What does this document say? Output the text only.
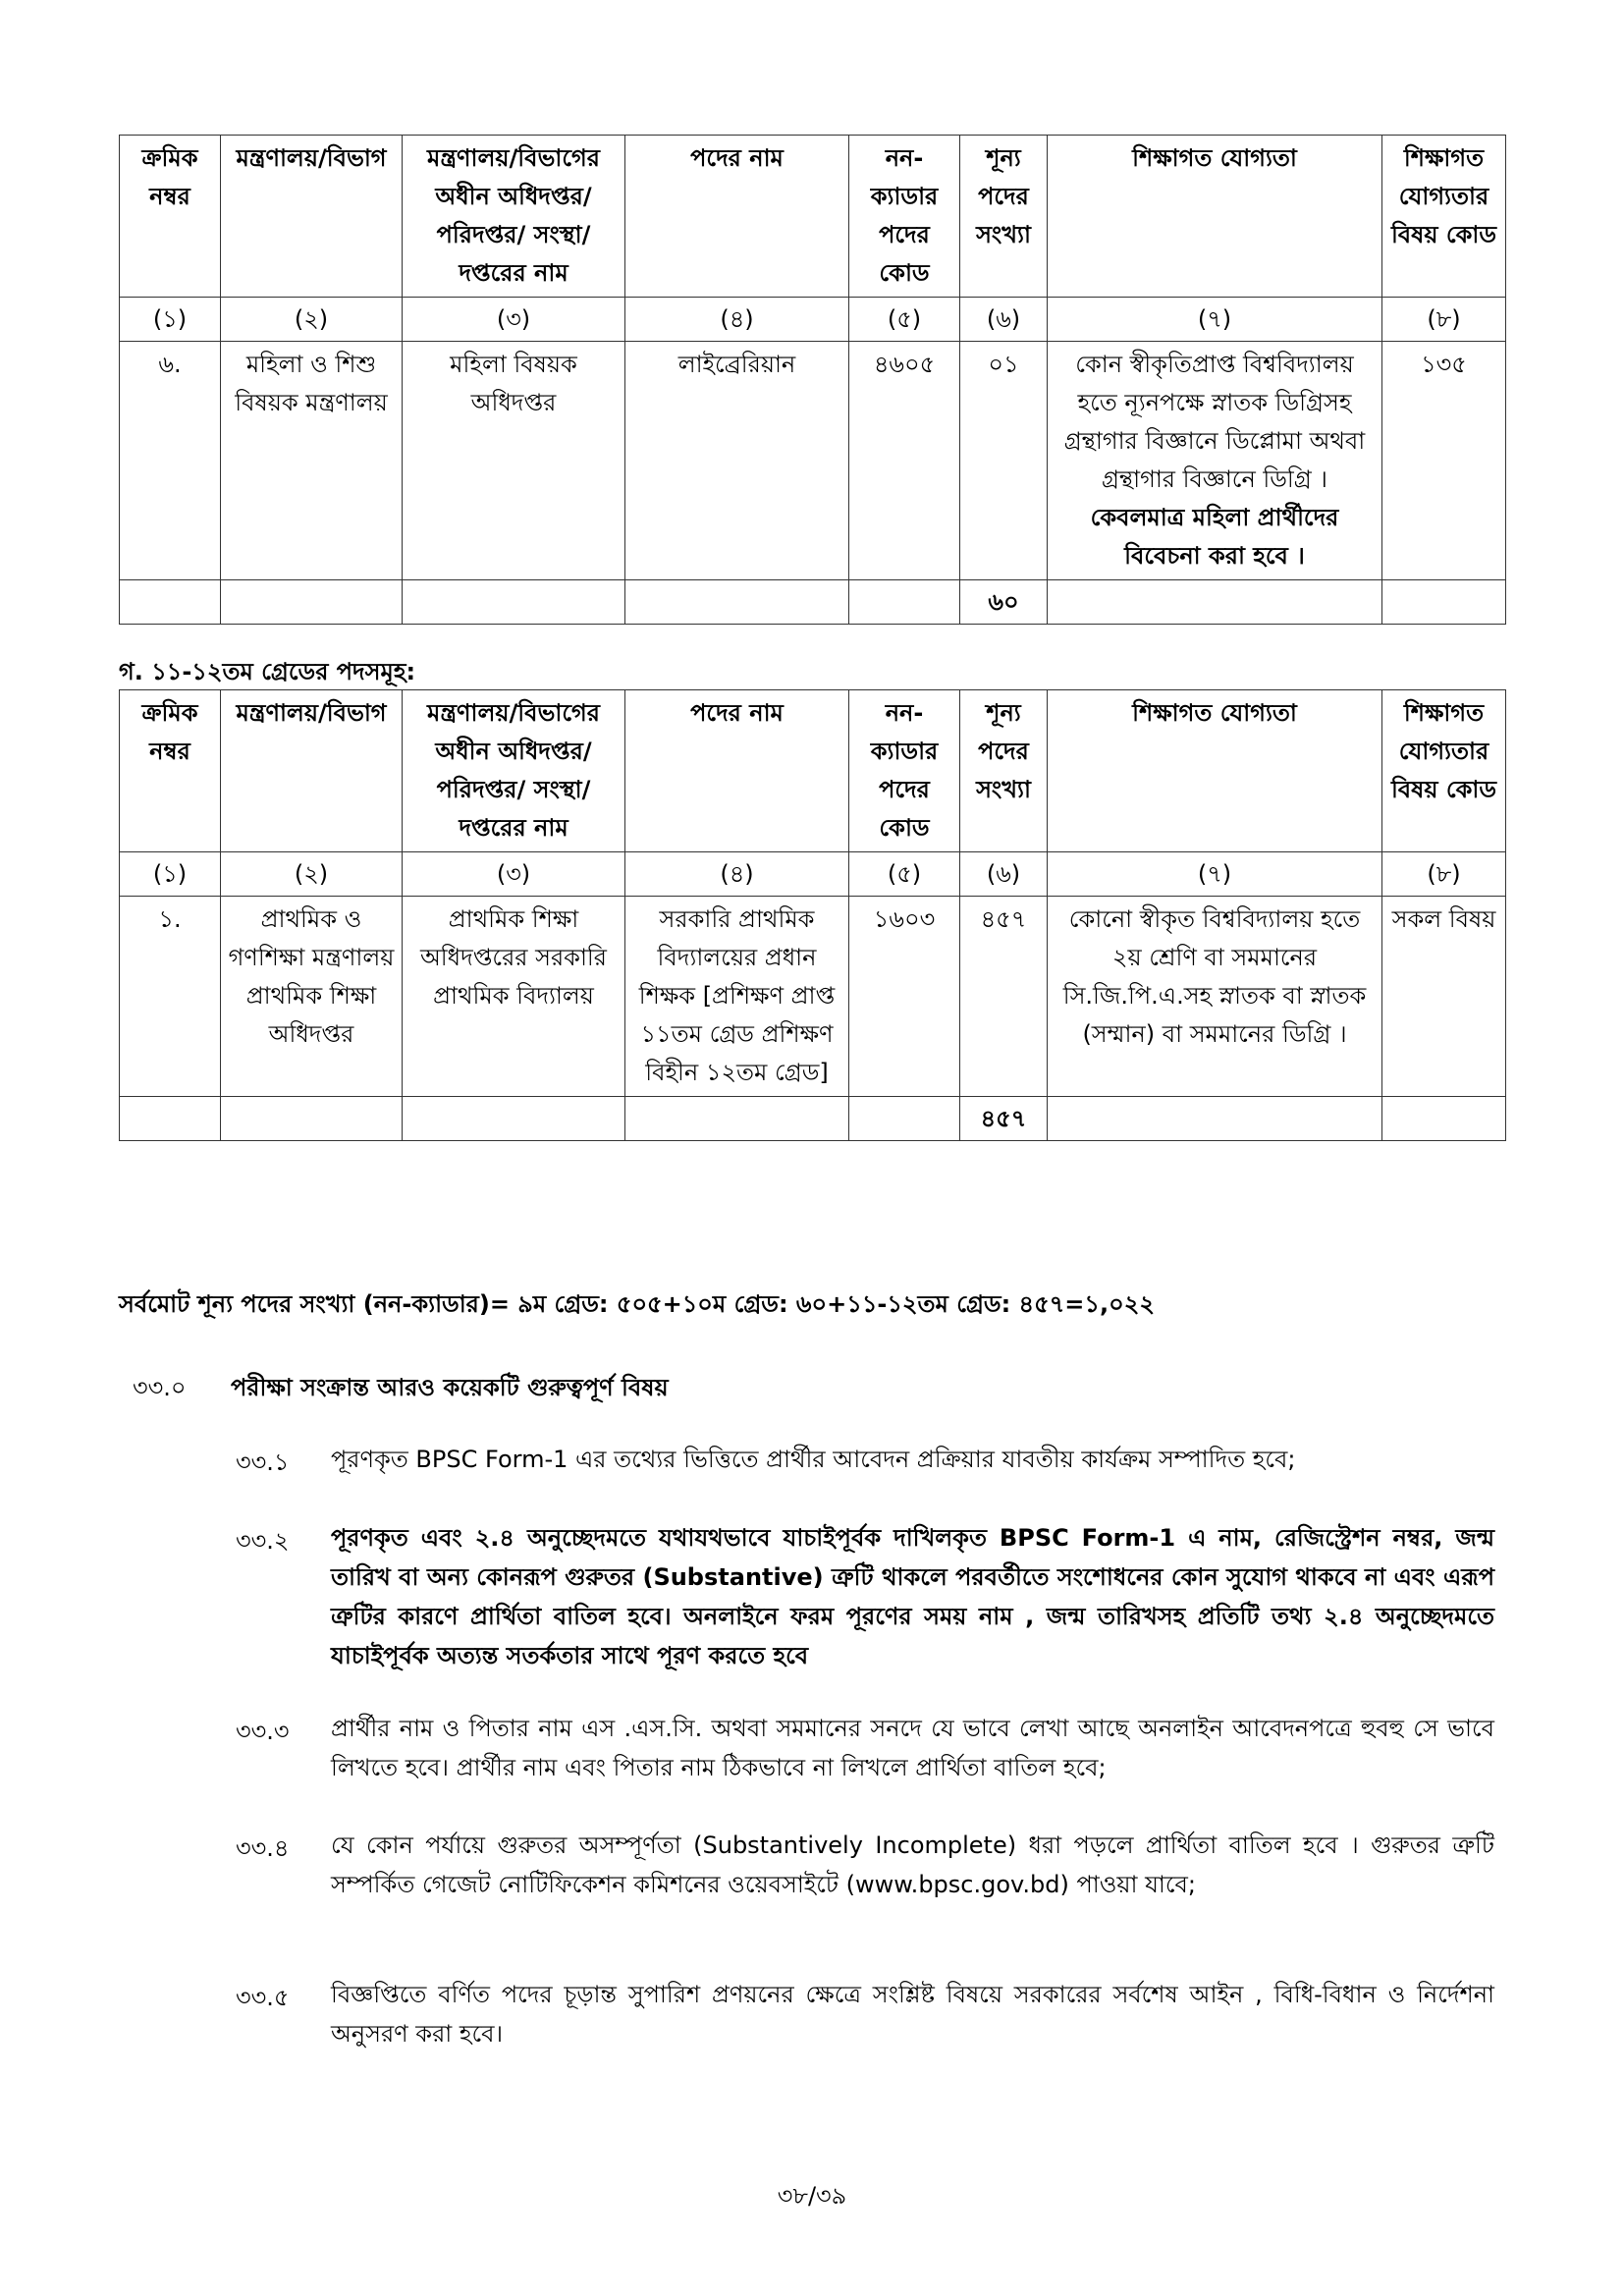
ক্রমিক নম্বর	মন্ত্রণালয়/বিভাগ	মন্ত্রণালয়/বিভাগের অধীন অধিদপ্তর/পরিদপ্তর/ সংস্থা/দপ্তরের নাম	পদের নাম	নন- ক্যাডার পদের কোড	শূন্য পদের সংখ্যা	শিক্ষাগত যোগ্যতা	শিক্ষাগত যোগ্যতার বিষয় কোড
(১)	(২)	(৩)	(৪)	(৫)	(৬)	(৭)	(৮)
৬.	মহিলা ও শিশু বিষয়ক মন্ত্রণালয়	মহিলা বিষয়ক অধিদপ্তর	লাইব্রেরিয়ান	৪৬০৫	০১	কোন স্বীকৃতিপ্রাপ্ত বিশ্ববিদ্যালয় হতে ন্যূনপক্ষে স্নাতক ডিগ্রিসহ গ্রন্থাগার বিজ্ঞানে ডিপ্লোমা অথবা গ্রন্থাগার বিজ্ঞানে ডিগ্রি । কেবলমাত্র মহিলা প্রার্থীদের বিবেচনা করা হবে ।	১৩৫
					৬০		
গ. ১১-১২তম গ্রেডের পদসমূহ:
ক্রমিক নম্বর	মন্ত্রণালয়/বিভাগ	মন্ত্রণালয়/বিভাগের অধীন অধিদপ্তর/পরিদপ্তর/ সংস্থা/দপ্তরের নাম	পদের নাম	নন- ক্যাডার পদের কোড	শূন্য পদের সংখ্যা	শিক্ষাগত যোগ্যতা	শিক্ষাগত যোগ্যতার বিষয় কোড
(১)	(২)	(৩)	(৪)	(৫)	(৬)	(৭)	(৮)
১.	প্রাথমিক ও গণশিক্ষা মন্ত্রণালয় প্রাথমিক শিক্ষা অধিদপ্তর	প্রাথমিক শিক্ষা অধিদপ্তরের সরকারি প্রাথমিক বিদ্যালয়	সরকারি প্রাথমিক বিদ্যালয়ের প্রধান শিক্ষক [প্রশিক্ষণ প্রাপ্ত ১১তম গ্রেড প্রশিক্ষণ বিহীন ১২তম গ্রেড]	১৬০৩	৪৫৭	কোনো স্বীকৃত বিশ্ববিদ্যালয় হতে ২য় শ্রেণি বা সমমানের সি.জি.পি.এ.সহ স্নাতক বা স্নাতক (সম্মান) বা সমমানের ডিগ্রি ।	সকল বিষয়
					৪৫৭		
সর্বমোট শূন্য পদের সংখ্যা (নন-ক্যাডার)= ৯ম গ্রেড: ৫০৫+১০ম গ্রেড: ৬০+১১-১২তম গ্রেড: ৪৫৭=১,০২২
৩৩.০ পরীক্ষা সংক্রান্ত আরও কয়েকটি গুরুত্বপূর্ণ বিষয়
৩৩.১ পূরণকৃত BPSC Form-1 এর তথ্যের ভিত্তিতে প্রার্থীর আবেদন প্রক্রিয়ার যাবতীয় কার্যক্রম সম্পাদিত হবে;
৩৩.২ পূরণকৃত এবং ২.৪ অনুচ্ছেদমতে যথাযথভাবে যাচাইপূর্বক দাখিলকৃত BPSC Form-1 এ নাম, রেজিস্ট্রেশন নম্বর, জন্ম তারিখ বা অন্য কোনরূপ গুরুতর (Substantive) ত্রুটি থাকলে পরবর্তীতে সংশোধনের কোন সুযোগ থাকবে না এবং এরূপ ত্রুটির কারণে প্রার্থিতা বাতিল হবে। অনলাইনে ফরম পূরণের সময় নাম , জন্ম তারিখসহ প্রতিটি তথ্য ২.৪ অনুচ্ছেদমতে যাচাইপূর্বক অত্যন্ত সতর্কতার সাথে পূরণ করতে হবে
৩৩.৩ প্রার্থীর নাম ও পিতার নাম এস .এস.সি. অথবা সমমানের সনদে যে ভাবে লেখা আছে অনলাইন আবেদনপত্রে হুবহু সে ভাবে লিখতে হবে। প্রার্থীর নাম এবং পিতার নাম ঠিকভাবে না লিখলে প্রার্থিতা বাতিল হবে;
৩৩.৪ যে কোন পর্যায়ে গুরুতর অসম্পূর্ণতা (Substantively Incomplete) ধরা পড়লে প্রার্থিতা বাতিল হবে । গুরুতর ত্রুটি সম্পর্কিত গেজেট নোটিফিকেশন কমিশনের ওয়েবসাইটে (www.bpsc.gov.bd) পাওয়া যাবে;
৩৩.৫ বিজ্ঞপ্তিতে বর্ণিত পদের চূড়ান্ত সুপারিশ প্রণয়নের ক্ষেত্রে সংশ্লিষ্ট বিষয়ে সরকারের সর্বশেষ আইন , বিধি-বিধান ও নির্দেশনা অনুসরণ করা হবে।
৩৮/৩৯
